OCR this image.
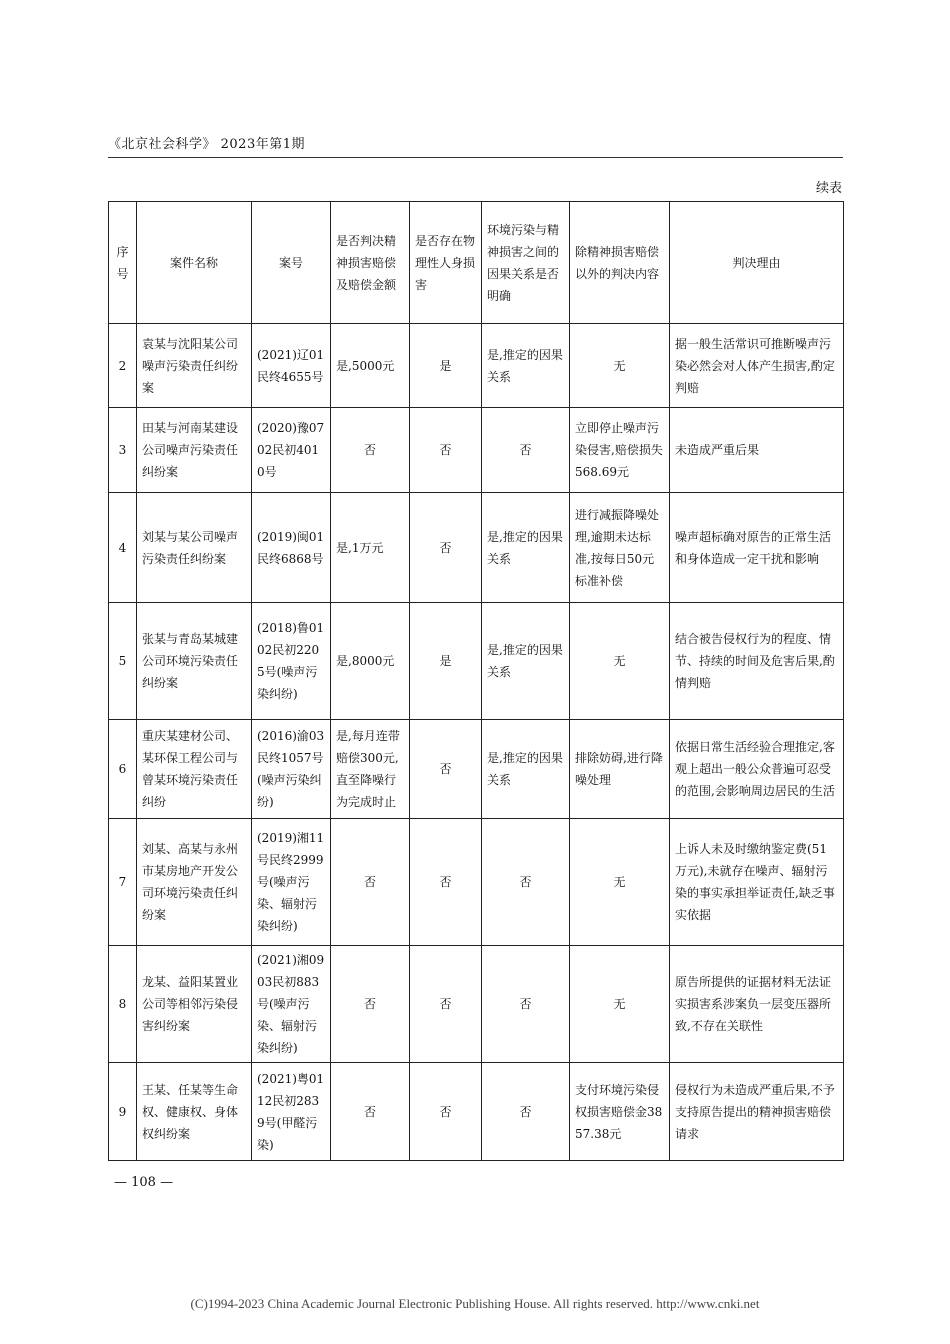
《北京社会科学》 2023年第1期
续表
序号	案件名称	案号	是否判决精神损害赔偿及赔偿金额	是否存在物理性人身损害	环境污染与精神损害之间的因果关系是否明确	除精神损害赔偿以外的判决内容	判决理由
2	袁某与沈阳某公司噪声污染责任纠纷案	(2021)辽01民终4655号	是,5000元	是	是,推定的因果关系	无	据一般生活常识可推断噪声污染必然会对人体产生损害,酌定判赔
3	田某与河南某建设公司噪声污染责任纠纷案	(2020)豫0702民初4010号	否	否	否	立即停止噪声污染侵害,赔偿损失568.69元	未造成严重后果
4	刘某与某公司噪声污染责任纠纷案	(2019)闽01民终6868号	是,1万元	否	是,推定的因果关系	进行减振降噪处理,逾期未达标准,按每日50元标准补偿	噪声超标确对原告的正常生活和身体造成一定干扰和影响
5	张某与青岛某城建公司环境污染责任纠纷案	(2018)鲁0102民初2205号(噪声污染纠纷)	是,8000元	是	是,推定的因果关系	无	结合被告侵权行为的程度、情节、持续的时间及危害后果,酌情判赔
6	重庆某建材公司、某环保工程公司与曾某环境污染责任纠纷	(2016)渝03民终1057号(噪声污染纠纷)	是,每月连带赔偿300元,直至降噪行为完成时止	否	是,推定的因果关系	排除妨碍,进行降噪处理	依据日常生活经验合理推定,客观上超出一般公众普遍可忍受的范围,会影响周边居民的生活
7	刘某、高某与永州市某房地产开发公司环境污染责任纠纷案	(2019)湘11号民终2999号(噪声污染、辐射污染纠纷)	否	否	否	无	上诉人未及时缴纳鉴定费(51万元),未就存在噪声、辐射污染的事实承担举证责任,缺乏事实依据
8	龙某、益阳某置业公司等相邻污染侵害纠纷案	(2021)湘0903民初883号(噪声污染、辐射污染纠纷)	否	否	否	无	原告所提供的证据材料无法证实损害系涉案负一层变压器所致,不存在关联性
9	王某、任某等生命权、健康权、身体权纠纷案	(2021)粤0112民初2839号(甲醛污染)	否	否	否	支付环境污染侵权损害赔偿金3857.38元	侵权行为未造成严重后果,不予支持原告提出的精神损害赔偿请求
— 108 —
(C)1994-2023 China Academic Journal Electronic Publishing House. All rights reserved. http://www.cnki.net
